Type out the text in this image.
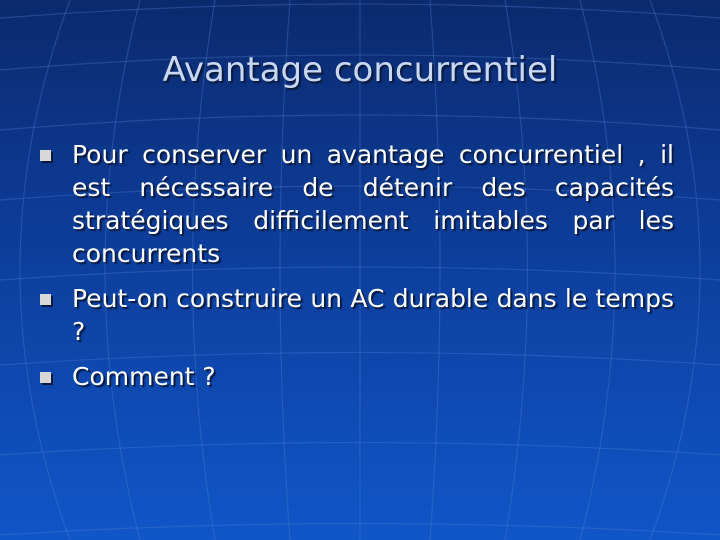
Avantage concurrentiel
Pour conserver un avantage concurrentiel , il est nécessaire de détenir des capacités stratégiques difficilement imitables par les concurrents
Peut-on construire un AC durable dans le temps ?
Comment ?
